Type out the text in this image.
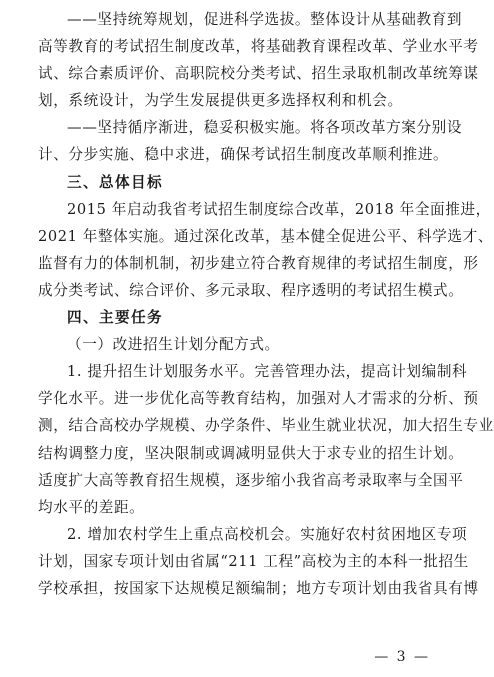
——坚持统筹规划，促进科学选拔。整体设计从基础教育到
高等教育的考试招生制度改革，将基础教育课程改革、学业水平考
试、综合素质评价、高职院校分类考试、招生录取机制改革统筹谋
划，系统设计，为学生发展提供更多选择权利和机会。
——坚持循序渐进，稳妥积极实施。将各项改革方案分别设
计、分步实施、稳中求进，确保考试招生制度改革顺利推进。
三、总体目标
2015 年启动我省考试招生制度综合改革，2018 年全面推进，
2021 年整体实施。通过深化改革，基本健全促进公平、科学选才、
监督有力的体制机制，初步建立符合教育规律的考试招生制度，形
成分类考试、综合评价、多元录取、程序透明的考试招生模式。
四、主要任务
（一）改进招生计划分配方式。
1. 提升招生计划服务水平。完善管理办法，提高计划编制科
学化水平。进一步优化高等教育结构，加强对人才需求的分析、预
测，结合高校办学规模、办学条件、毕业生就业状况，加大招生专业
结构调整力度，坚决限制或调减明显供大于求专业的招生计划。
适度扩大高等教育招生规模，逐步缩小我省高考录取率与全国平
均水平的差距。
2. 增加农村学生上重点高校机会。实施好农村贫困地区专项
计划，国家专项计划由省属“211 工程”高校为主的本科一批招生
学校承担，按国家下达规模足额编制；地方专项计划由我省具有博
— 3 —
